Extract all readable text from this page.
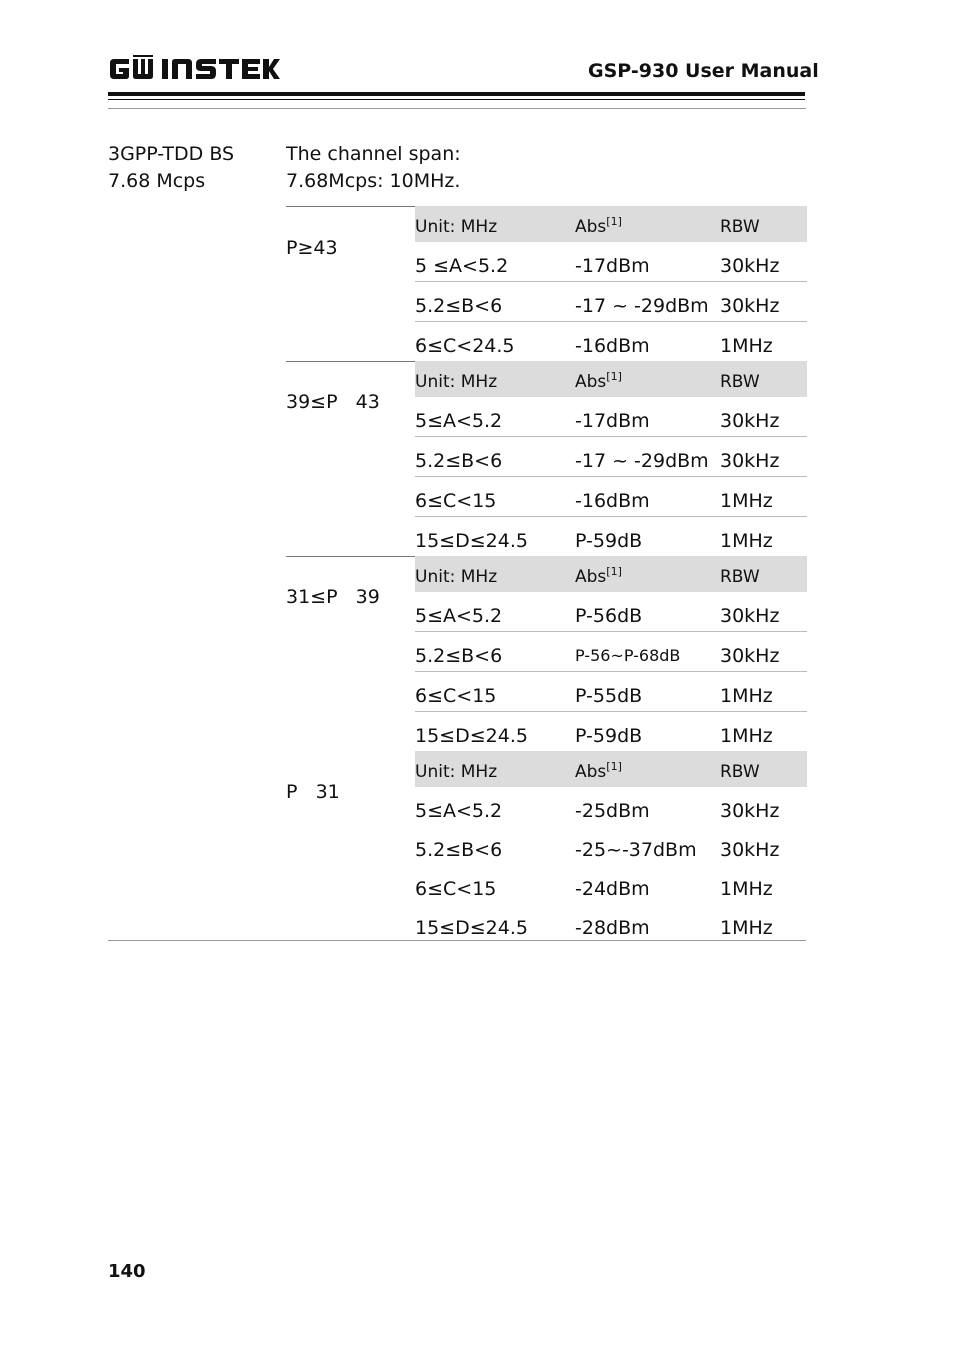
GSP-930 User Manual
3GPP-TDD BS
7.68 Mcps
The channel span:
7.68Mcps: 10MHz.
P≥43
Unit: MHz	Abs[1]	RBW
5 ≤A<5.2	-17dBm	30kHz
5.2≤B<6	-17 ~ -29dBm 30kHz
6≤C<24.5	-16dBm	1MHz
39≤P   43
Unit: MHz	Abs[1]	RBW
5≤A<5.2	-17dBm	30kHz
5.2≤B<6	-17 ~ -29dBm 30kHz
6≤C<15	-16dBm	1MHz
15≤D≤24.5 P-59dB	1MHz
31≤P   39
Unit: MHz	Abs[1]	RBW
5≤A<5.2	P-56dB	30kHz
5.2≤B<6	P-56~P-68dB 30kHz
6≤C<15	P-55dB	1MHz
15≤D≤24.5 P-59dB	1MHz
P   31
Unit: MHz	Abs[1]	RBW
5≤A<5.2	-25dBm	30kHz
5.2≤B<6	-25~-37dBm 30kHz
6≤C<15	-24dBm	1MHz
15≤D≤24.5 -28dBm	1MHz
140
